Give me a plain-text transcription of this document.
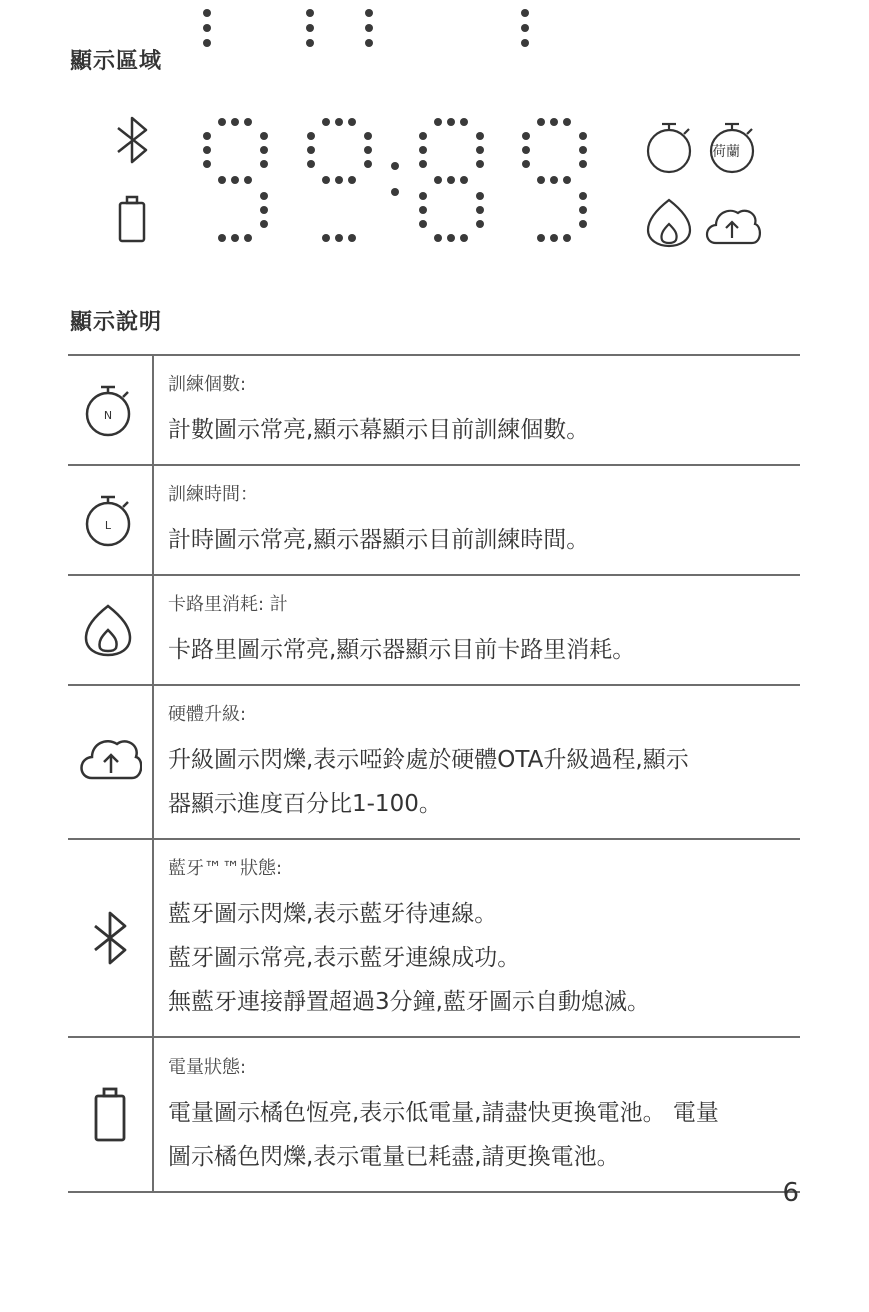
顯示區域
荷蘭
顯示說明
N	訓練個數:
計數圖示常亮,顯示幕顯示目前訓練個數。

L	訓練時間：
計時圖示常亮,顯示器顯示目前訓練時間。

卡路里消耗: 計
卡路里圖示常亮,顯示器顯示目前卡路里消耗。

硬體升級:
升級圖示閃爍,表示啞鈴處於硬體OTA升級過程,顯示
器顯示進度百分比1-100。

藍牙™™狀態:
藍牙圖示閃爍,表示藍牙待連線。
藍牙圖示常亮,表示藍牙連線成功。
無藍牙連接靜置超過3分鐘,藍牙圖示自動熄滅。

電量狀態:
電量圖示橘色恆亮,表示低電量,請盡快更換電池。 電量
圖示橘色閃爍,表示電量已耗盡,請更換電池。
6
